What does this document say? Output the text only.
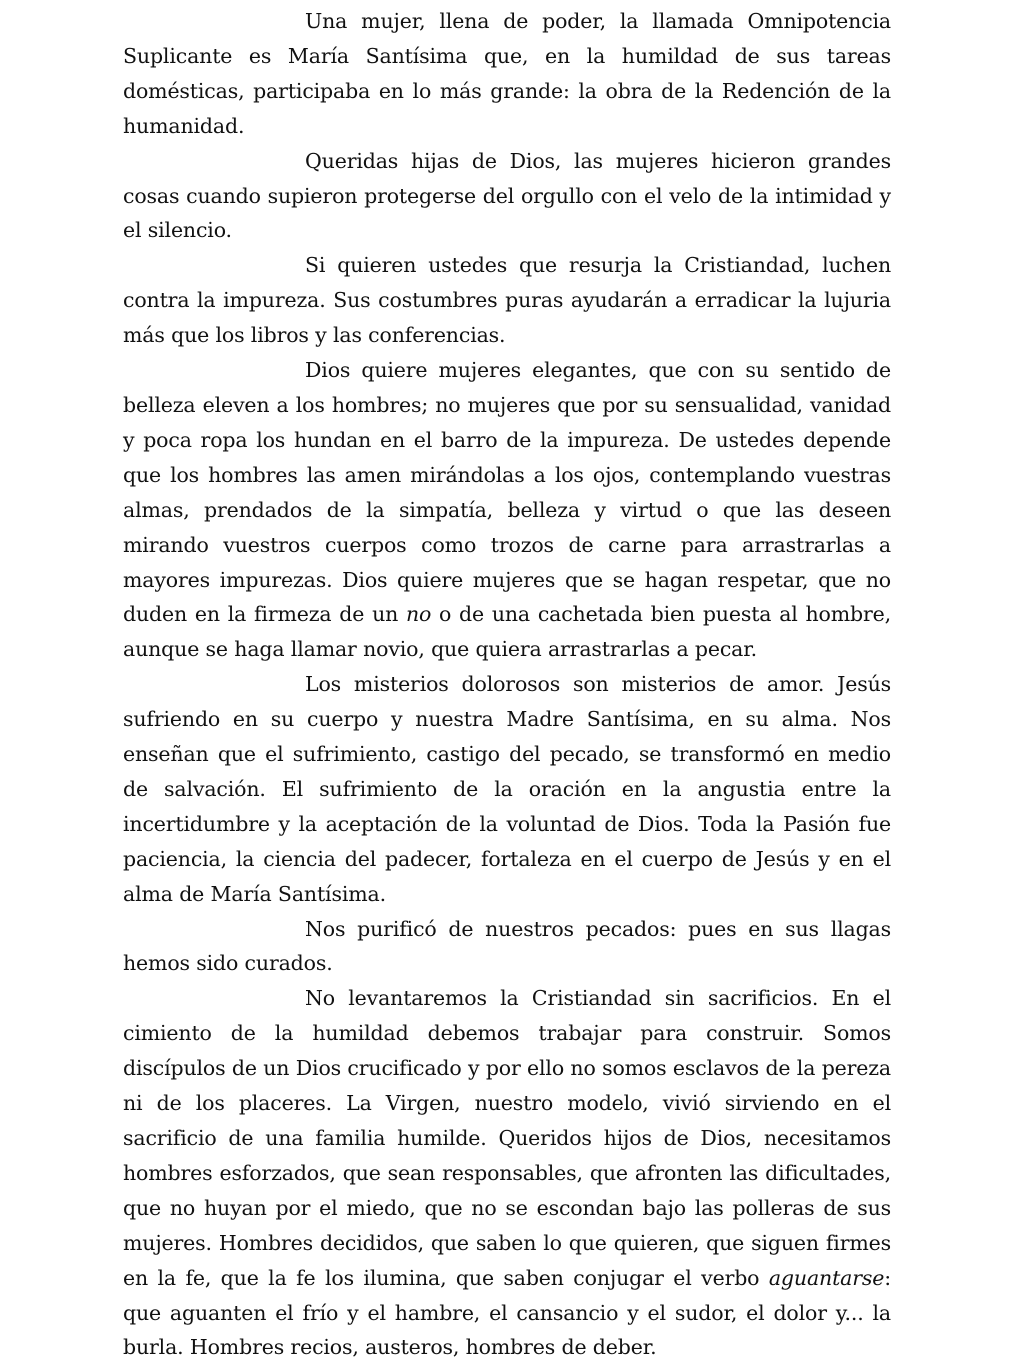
Una mujer, llena de poder, la llamada Omnipotencia Suplicante es María Santísima que, en la humildad de sus tareas domésticas, participaba en lo más grande: la obra de la Redención de la humanidad.

Queridas hijas de Dios, las mujeres hicieron grandes cosas cuando supieron protegerse del orgullo con el velo de la intimidad y el silencio.

Si quieren ustedes que resurja la Cristiandad, luchen contra la impureza. Sus costumbres puras ayudarán a erradicar la lujuria más que los libros y las conferencias.

Dios quiere mujeres elegantes, que con su sentido de belleza eleven a los hombres; no mujeres que por su sensualidad, vanidad y poca ropa los hundan en el barro de la impureza. De ustedes depende que los hombres las amen mirándolas a los ojos, contemplando vuestras almas, prendados de la simpatía, belleza y virtud o que las deseen mirando vuestros cuerpos como trozos de carne para arrastrarlas a mayores impurezas. Dios quiere mujeres que se hagan respetar, que no duden en la firmeza de un no o de una cachetada bien puesta al hombre, aunque se haga llamar novio, que quiera arrastrarlas a pecar.

Los misterios dolorosos son misterios de amor. Jesús sufriendo en su cuerpo y nuestra Madre Santísima, en su alma. Nos enseñan que el sufrimiento, castigo del pecado, se transformó en medio de salvación. El sufrimiento de la oración en la angustia entre la incertidumbre y la aceptación de la voluntad de Dios. Toda la Pasión fue paciencia, la ciencia del padecer, fortaleza en el cuerpo de Jesús y en el alma de María Santísima.

Nos purificó de nuestros pecados: pues en sus llagas hemos sido curados.

No levantaremos la Cristiandad sin sacrificios. En el cimiento de la humildad debemos trabajar para construir. Somos discípulos de un Dios crucificado y por ello no somos esclavos de la pereza ni de los placeres. La Virgen, nuestro modelo, vivió sirviendo en el sacrificio de una familia humilde. Queridos hijos de Dios, necesitamos hombres esforzados, que sean responsables, que afronten las dificultades, que no huyan por el miedo, que no se escondan bajo las polleras de sus mujeres. Hombres decididos, que saben lo que quieren, que siguen firmes en la fe, que la fe los ilumina, que saben conjugar el verbo aguantarse: que aguanten el frío y el hambre, el cansancio y el sudor, el dolor y... la burla. Hombres recios, austeros, hombres de deber.
